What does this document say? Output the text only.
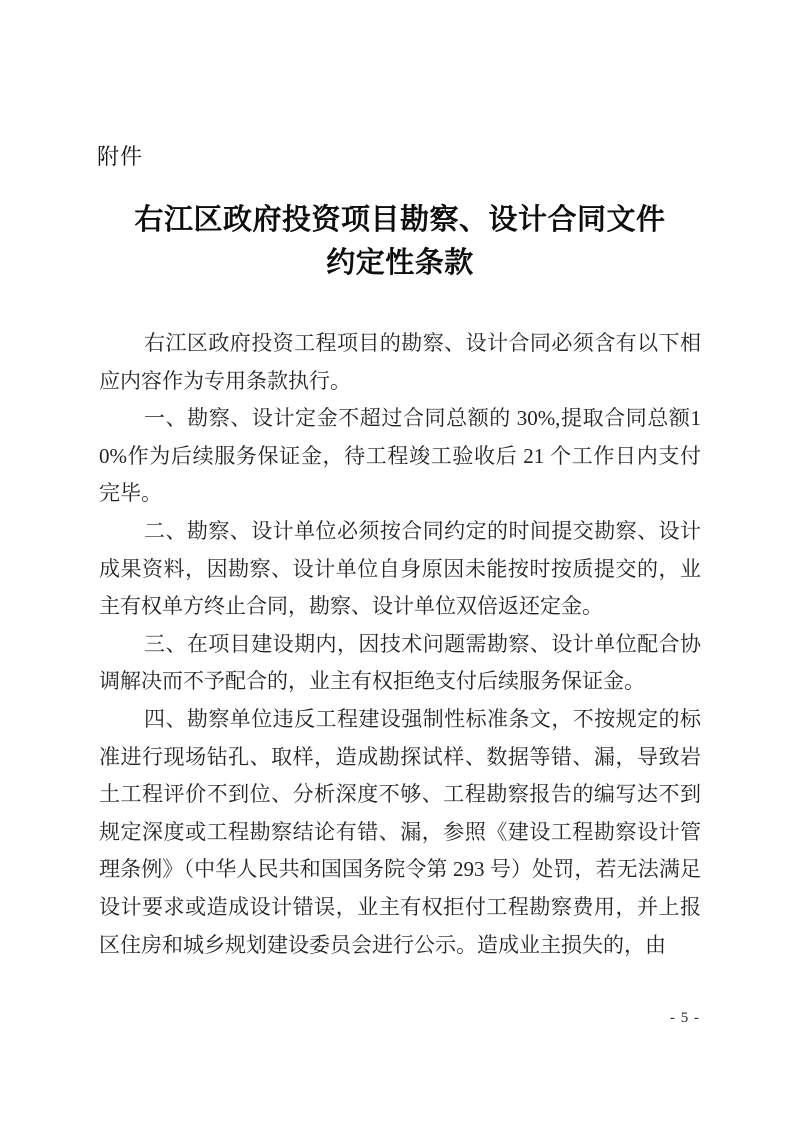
附件
右江区政府投资项目勘察、设计合同文件
约定性条款

右江区政府投资工程项目的勘察、设计合同必须含有以下相应内容作为专用条款执行。

一、勘察、设计定金不超过合同总额的 30%,提取合同总额10%作为后续服务保证金，待工程竣工验收后 21 个工作日内支付完毕。

二、勘察、设计单位必须按合同约定的时间提交勘察、设计成果资料，因勘察、设计单位自身原因未能按时按质提交的，业主有权单方终止合同，勘察、设计单位双倍返还定金。

三、在项目建设期内，因技术问题需勘察、设计单位配合协调解决而不予配合的，业主有权拒绝支付后续服务保证金。

四、勘察单位违反工程建设强制性标准条文，不按规定的标准进行现场钻孔、取样，造成勘探试样、数据等错、漏，导致岩土工程评价不到位、分析深度不够、工程勘察报告的编写达不到规定深度或工程勘察结论有错、漏，参照《建设工程勘察设计管理条例》（中华人民共和国国务院令第 293 号）处罚，若无法满足设计要求或造成设计错误，业主有权拒付工程勘察费用，并上报区住房和城乡规划建设委员会进行公示。造成业主损失的，由

- 5 -
